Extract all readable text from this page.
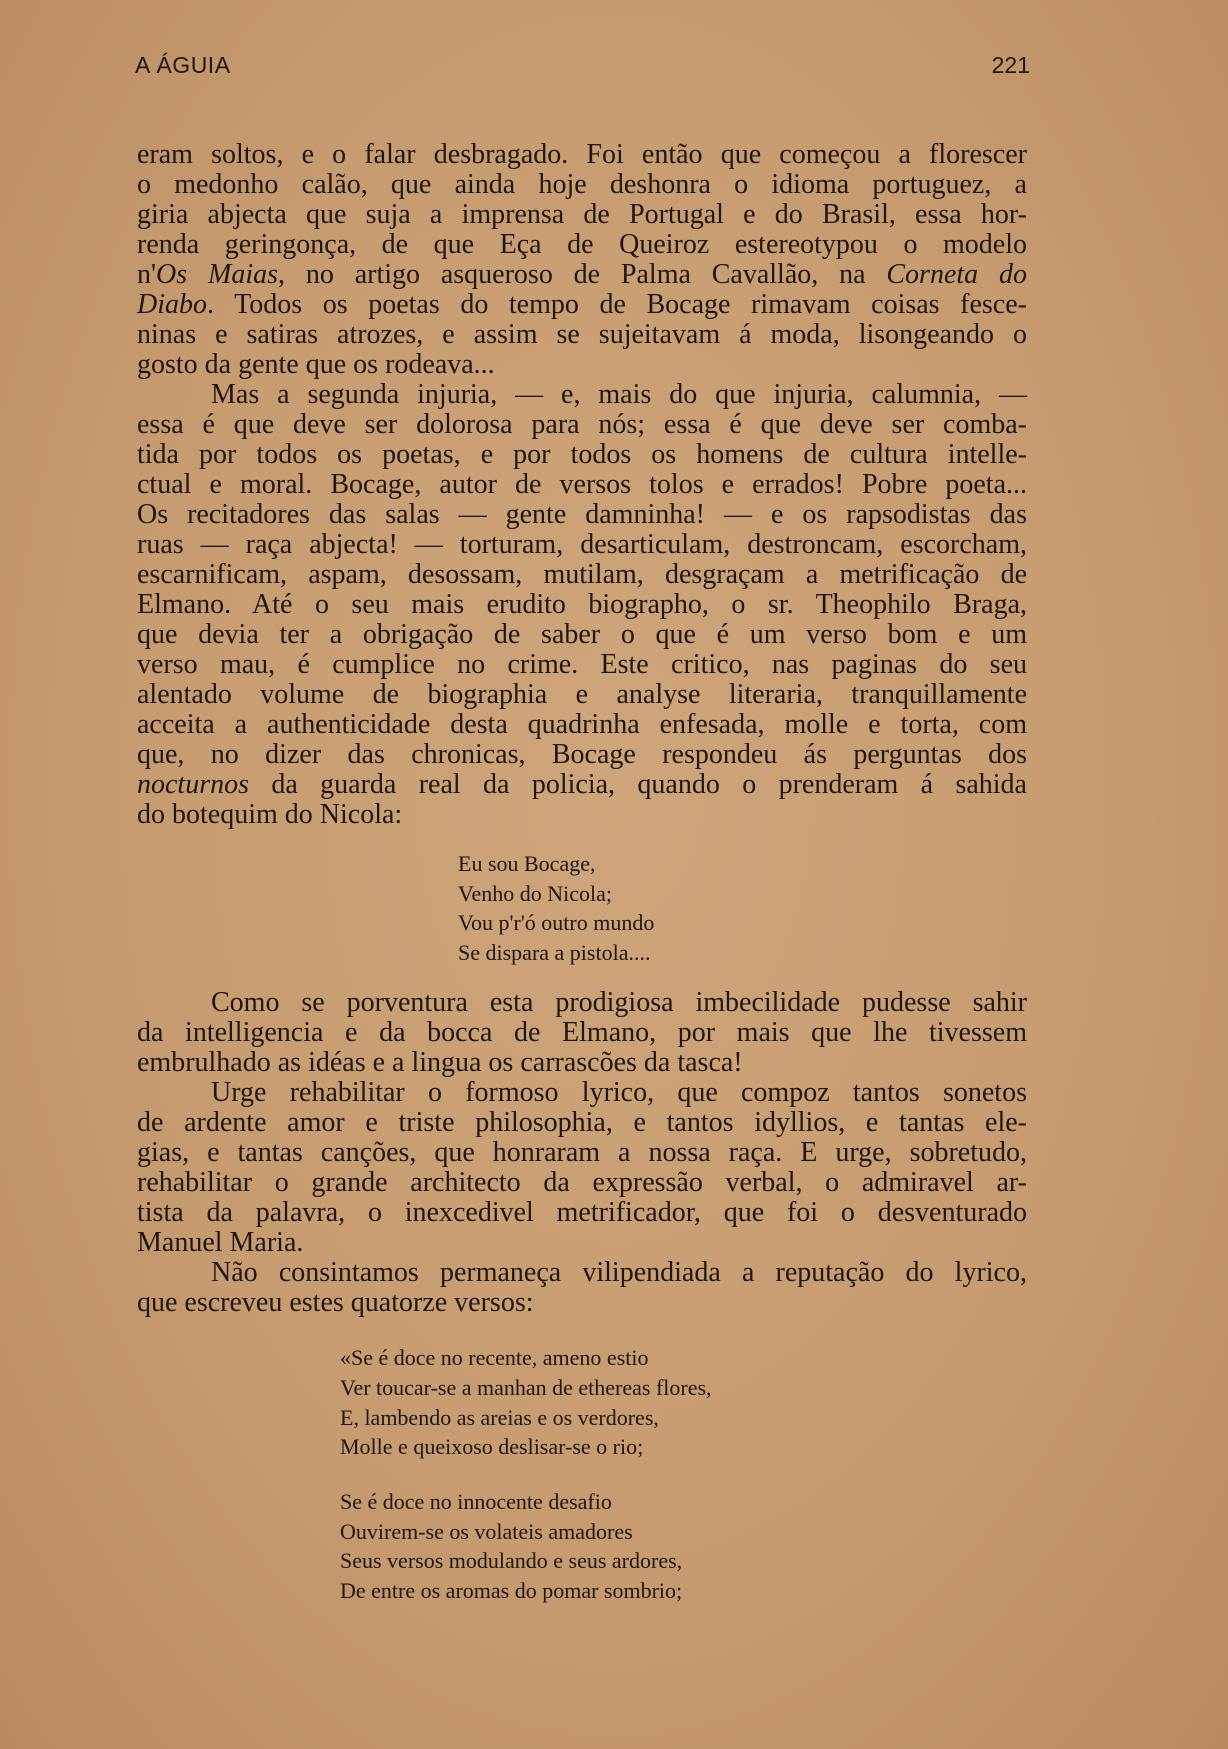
A ÁGUIA	221
eram soltos, e o falar desbragado. Foi então que começou a florescer
o medonho calão, que ainda hoje deshonra o idioma portuguez, a
giria abjecta que suja a imprensa de Portugal e do Brasil, essa hor-
renda geringonça, de que Eça de Queiroz estereotypou o modelo
n'Os Maias, no artigo asqueroso de Palma Cavallão, na Corneta do
Diabo. Todos os poetas do tempo de Bocage rimavam coisas fesce-
ninas e satiras atrozes, e assim se sujeitavam á moda, lisongeando o
gosto da gente que os rodeava...
Mas a segunda injuria, — e, mais do que injuria, calumnia, —
essa é que deve ser dolorosa para nós; essa é que deve ser comba-
tida por todos os poetas, e por todos os homens de cultura intelle-
ctual e moral. Bocage, autor de versos tolos e errados! Pobre poeta...
Os recitadores das salas — gente damninha! — e os rapsodistas das
ruas — raça abjecta! — torturam, desarticulam, destroncam, escorcham,
escarnificam, aspam, desossam, mutilam, desgraçam a metrificação de
Elmano. Até o seu mais erudito biographo, o sr. Theophilo Braga,
que devia ter a obrigação de saber o que é um verso bom e um
verso mau, é cumplice no crime. Este critico, nas paginas do seu
alentado volume de biographia e analyse literaria, tranquillamente
acceita a authenticidade desta quadrinha enfesada, molle e torta, com
que, no dizer das chronicas, Bocage respondeu ás perguntas dos
nocturnos da guarda real da policia, quando o prenderam á sahida
do botequim do Nicola:
Eu sou Bocage,
Venho do Nicola;
Vou p'r'ó outro mundo
Se dispara a pistola....
Como se porventura esta prodigiosa imbecilidade pudesse sahir
da intelligencia e da bocca de Elmano, por mais que lhe tivessem
embrulhado as idéas e a lingua os carrascões da tasca!
Urge rehabilitar o formoso lyrico, que compoz tantos sonetos
de ardente amor e triste philosophia, e tantos idyllios, e tantas ele-
gias, e tantas canções, que honraram a nossa raça. E urge, sobretudo,
rehabilitar o grande architecto da expressão verbal, o admiravel ar-
tista da palavra, o inexcedivel metrificador, que foi o desventurado
Manuel Maria.
Não consintamos permaneça vilipendiada a reputação do lyrico,
que escreveu estes quatorze versos:
«Se é doce no recente, ameno estio
Ver toucar-se a manhan de ethereas flores,
E, lambendo as areias e os verdores,
Molle e queixoso deslisar-se o rio;
Se é doce no innocente desafio
Ouvirem-se os volateis amadores
Seus versos modulando e seus ardores,
De entre os aromas do pomar sombrio;
